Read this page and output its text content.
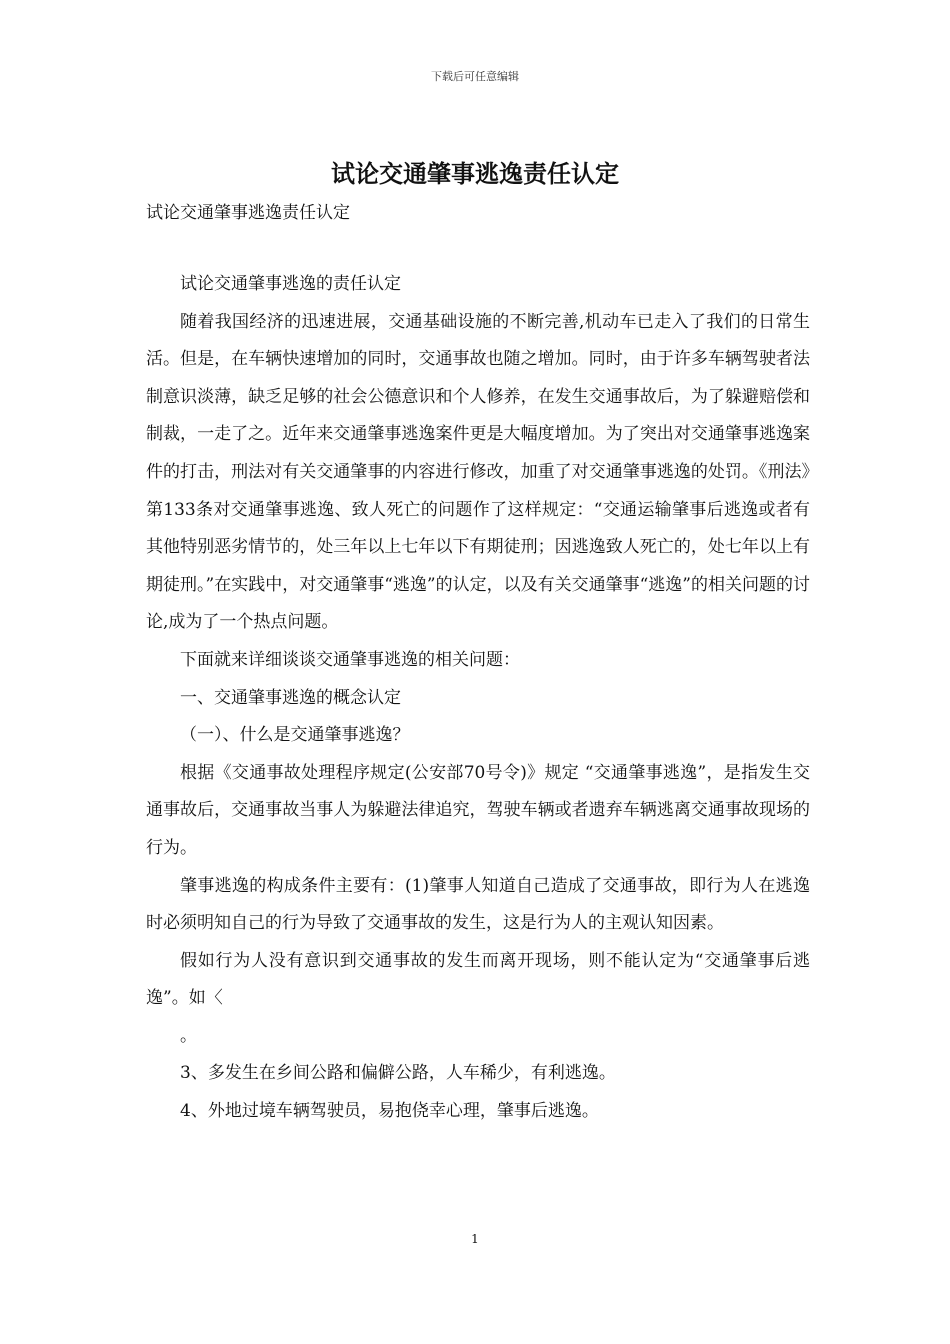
下载后可任意编辑
试论交通肇事逃逸责任认定
试论交通肇事逃逸责任认定

试论交通肇事逃逸的责任认定

随着我国经济的迅速进展，交通基础设施的不断完善,机动车已走入了我们的日常生活。但是，在车辆快速增加的同时，交通事故也随之增加。同时，由于许多车辆驾驶者法制意识淡薄，缺乏足够的社会公德意识和个人修养，在发生交通事故后，为了躲避赔偿和制裁，一走了之。近年来交通肇事逃逸案件更是大幅度增加。为了突出对交通肇事逃逸案件的打击，刑法对有关交通肇事的内容进行修改，加重了对交通肇事逃逸的处罚。《刑法》第133条对交通肇事逃逸、致人死亡的问题作了这样规定：“交通运输肇事后逃逸或者有其他特别恶劣情节的，处三年以上七年以下有期徒刑；因逃逸致人死亡的，处七年以上有期徒刑。”在实践中，对交通肇事“逃逸”的认定，以及有关交通肇事“逃逸”的相关问题的讨论,成为了一个热点问题。

下面就来详细谈谈交通肇事逃逸的相关问题：

一、交通肇事逃逸的概念认定

（一）、什么是交通肇事逃逸？

根据《交通事故处理程序规定(公安部70号令)》规定 “交通肇事逃逸”，是指发生交通事故后，交通事故当事人为躲避法律追究，驾驶车辆或者遗弃车辆逃离交通事故现场的行为。

肇事逃逸的构成条件主要有：(1)肇事人知道自己造成了交通事故，即行为人在逃逸时必须明知自己的行为导致了交通事故的发生，这是行为人的主观认知因素。

假如行为人没有意识到交通事故的发生而离开现场，则不能认定为“交通肇事后逃逸”。如〈

。

3、多发生在乡间公路和偏僻公路，人车稀少，有利逃逸。

4、外地过境车辆驾驶员，易抱侥幸心理，肇事后逃逸。

1
